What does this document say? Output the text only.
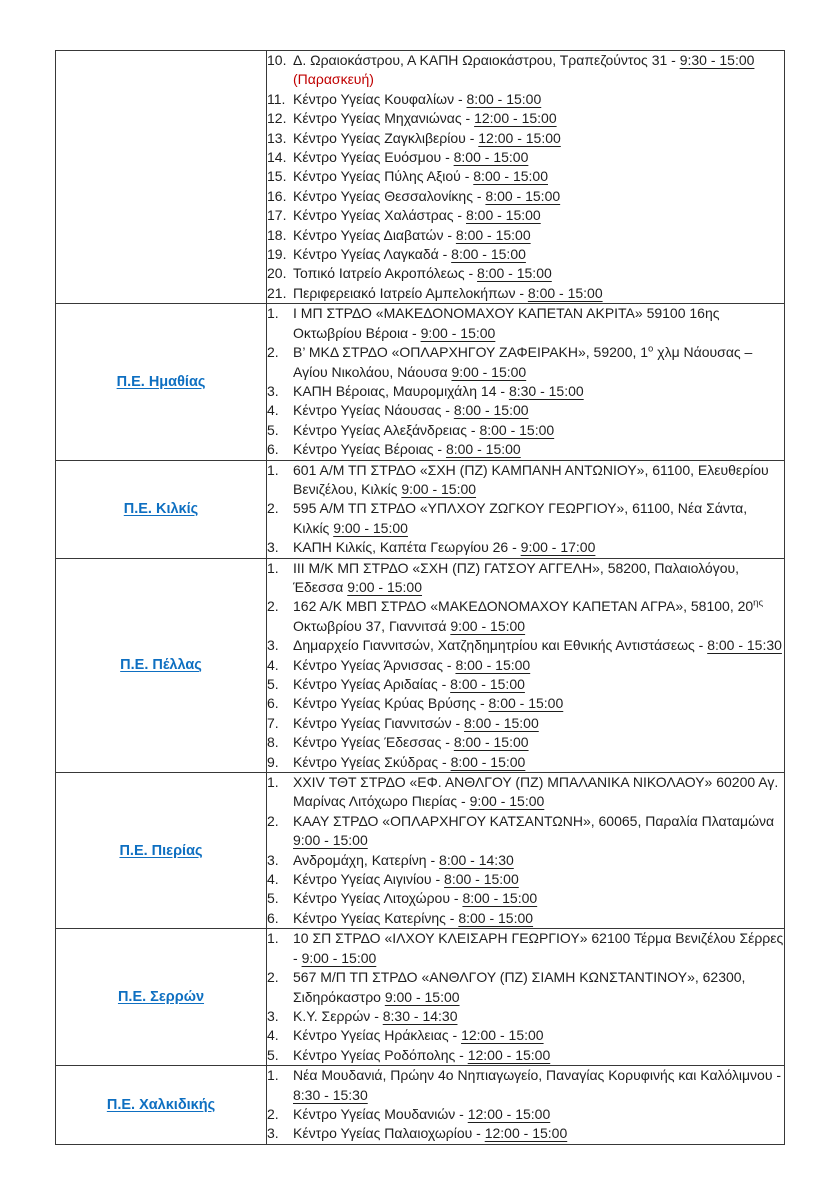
10. Δ. Ωραιοκάστρου, Α ΚΑΠΗ Ωραιοκάστρου, Τραπεζούντος 31 - 9:30 - 15:00 (Παρασκευή)
11. Κέντρο Υγείας Κουφαλίων - 8:00 - 15:00
12. Κέντρο Υγείας Μηχανιώνας - 12:00 - 15:00
13. Κέντρο Υγείας Ζαγκλιβερίου - 12:00 - 15:00
14. Κέντρο Υγείας Ευόσμου - 8:00 - 15:00
15. Κέντρο Υγείας Πύλης Αξιού - 8:00 - 15:00
16. Κέντρο Υγείας Θεσσαλονίκης - 8:00 - 15:00
17. Κέντρο Υγείας Χαλάστρας - 8:00 - 15:00
18. Κέντρο Υγείας Διαβατών - 8:00 - 15:00
19. Κέντρο Υγείας Λαγκαδά - 8:00 - 15:00
20. Τοπικό Ιατρείο Ακροπόλεως - 8:00 - 15:00
21. Περιφερειακό Ιατρείο Αμπελοκήπων - 8:00 - 15:00

Π.Ε. Ημαθίας	
1.	Ι ΜΠ ΣΤΡΔΟ «ΜΑΚΕΔΟΝΟΜΑΧΟΥ ΚΑΠΕΤΑΝ ΑΚΡΙΤΑ» 59100 16ης Οκτωβρίου Βέροια - 9:00 - 15:00
2.	Β’ ΜΚΔ ΣΤΡΔΟ «ΟΠΛΑΡΧΗΓΟΥ ΖΑΦΕΙΡΑΚΗ», 59200, $1^o$ χλμ Νάουσας – Αγίου Νικολάου, Νάουσα 9:00 - 15:00
3.	ΚΑΠΗ Βέροιας, Μαυρομιχάλη 14 - 8:30 - 15:00
4.	Κέντρο Υγείας Νάουσας - 8:00 - 15:00
5.	Κέντρο Υγείας Αλεξάνδρειας - 8:00 - 15:00
6.	Κέντρο Υγείας Βέροιας - 8:00 - 15:00

Π.Ε. Κιλκίς	
1.	601 Α/Μ ΤΠ ΣΤΡΔΟ «ΣΧΗ (ΠΖ) ΚΑΜΠΑΝΗ ΑΝΤΩΝΙΟΥ», 61100, Ελευθερίου Βενιζέλου, Κιλκίς 9:00 - 15:00
2.	595 Α/Μ ΤΠ ΣΤΡΔΟ «ΥΠΛΧΟΥ ΖΩΓΚΟΥ ΓΕΩΡΓΙΟΥ», 61100, Νέα Σάντα, Κιλκίς 9:00 - 15:00
3.	ΚΑΠΗ Κιλκίς, Καπέτα Γεωργίου 26 - 9:00 - 17:00

Π.Ε. Πέλλας	
1.	ΙΙΙ Μ/Κ ΜΠ ΣΤΡΔΟ «ΣΧΗ (ΠΖ) ΓΑΤΣΟΥ ΑΓΓΕΛΗ», 58200, Παλαιολόγου, Έδεσσα 9:00 - 15:00
2.	162 Α/Κ ΜΒΠ ΣΤΡΔΟ «ΜΑΚΕΔΟΝΟΜΑΧΟΥ ΚΑΠΕΤΑΝ ΑΓΡΑ», 58100, $20^{\eta\varsigma}$ Οκτωβρίου 37, Γιαννιτσά 9:00 - 15:00
3.	Δημαρχείο Γιαννιτσών, Χατζηδημητρίου και Εθνικής Αντιστάσεως - 8:00 - 15:30
4.	Κέντρο Υγείας Άρνισσας - 8:00 - 15:00
5.	Κέντρο Υγείας Αριδαίας - 8:00 - 15:00
6.	Κέντρο Υγείας Κρύας Βρύσης - 8:00 - 15:00
7.	Κέντρο Υγείας Γιαννιτσών - 8:00 - 15:00
8.	Κέντρο Υγείας Έδεσσας - 8:00 - 15:00
9.	Κέντρο Υγείας Σκύδρας - 8:00 - 15:00

Π.Ε. Πιερίας	
1.	XXIV ΤΘΤ ΣΤΡΔΟ «ΕΦ. ΑΝΘΛΓΟΥ (ΠΖ) ΜΠΑΛΑΝΙΚΑ ΝΙΚΟΛΑΟΥ» 60200 Αγ. Μαρίνας Λιτόχωρο Πιερίας - 9:00 - 15:00
2.	ΚΑΑΥ ΣΤΡΔΟ «ΟΠΛΑΡΧΗΓΟΥ ΚΑΤΣΑΝΤΩΝΗ», 60065, Παραλία Πλαταμώνα 9:00 - 15:00
3.	Ανδρομάχη, Κατερίνη - 8:00 - 14:30
4.	Κέντρο Υγείας Αιγινίου - 8:00 - 15:00
5.	Κέντρο Υγείας Λιτοχώρου - 8:00 - 15:00
6.	Κέντρο Υγείας Κατερίνης - 8:00 - 15:00

Π.Ε. Σερρών	
1.	10 ΣΠ ΣΤΡΔΟ «ΙΛΧΟΥ ΚΛΕΙΣΑΡΗ ΓΕΩΡΓΙΟΥ» 62100 Τέρμα Βενιζέλου Σέρρες - 9:00 - 15:00
2.	567 Μ/Π ΤΠ ΣΤΡΔΟ «ΑΝΘΛΓΟΥ (ΠΖ) ΣΙΑΜΗ ΚΩΝΣΤΑΝΤΙΝΟΥ», 62300, Σιδηρόκαστρο 9:00 - 15:00
3.	Κ.Υ. Σερρών - 8:30 - 14:30
4.	Κέντρο Υγείας Ηράκλειας - 12:00 - 15:00
5.	Κέντρο Υγείας Ροδόπολης - 12:00 - 15:00

Π.Ε. Χαλκιδικής	
1.	Νέα Μουδανιά, Πρώην 4ο Νηπιαγωγείο, Παναγίας Κορυφινής και Καλόλιμνου - 8:30 - 15:30
2.	Κέντρο Υγείας Μουδανιών - 12:00 - 15:00
3.	Κέντρο Υγείας Παλαιοχωρίου - 12:00 - 15:00
